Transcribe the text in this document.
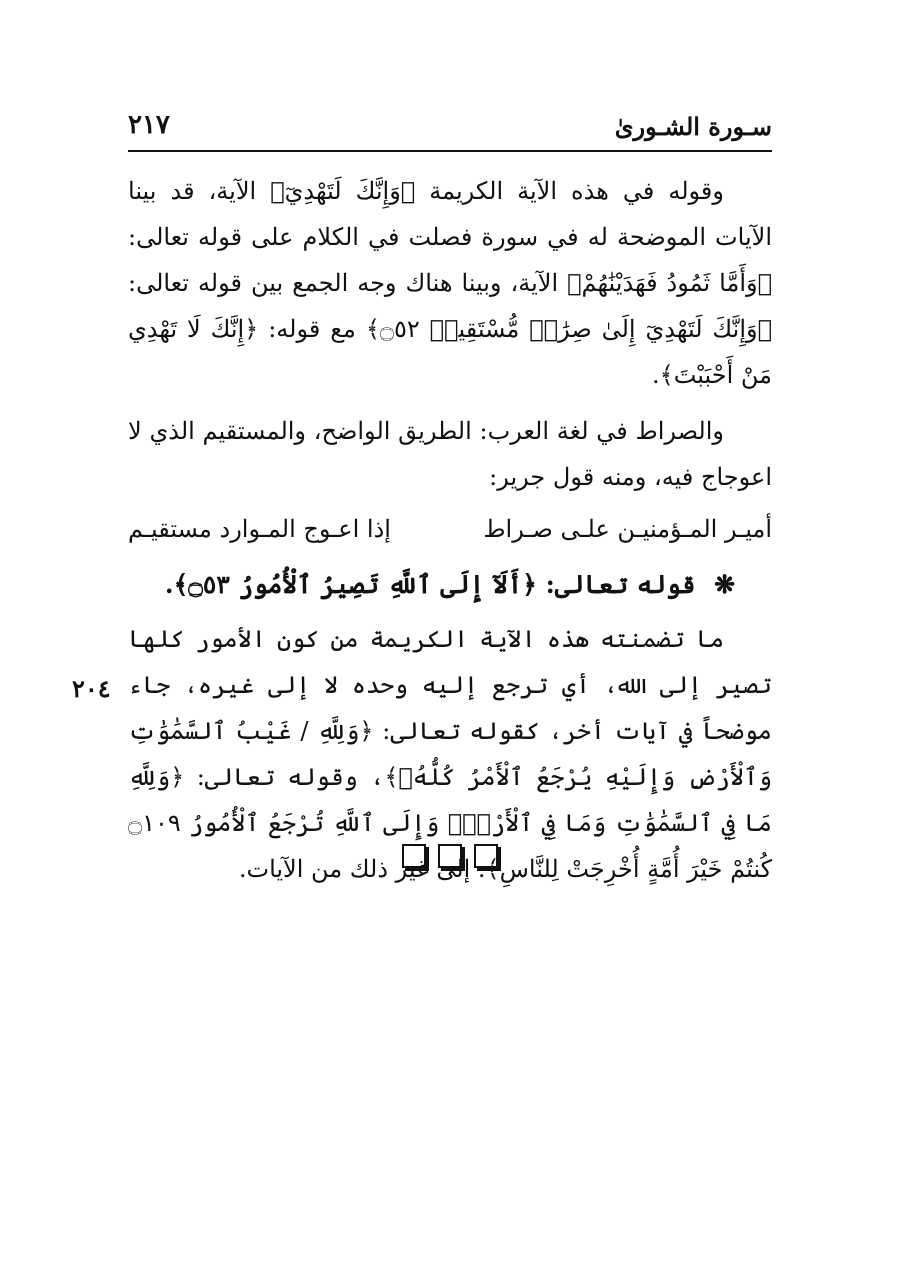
سـورة الشـورىٰ
٢١٧

وقوله في هذه الآية الكريمة ﴿وَإِنَّكَ لَتَهْدِيٓ﴾ الآية، قد بينا الآيات الموضحة له في سورة فصلت في الكلام على قوله تعالى: ﴿وَأَمَّا ثَمُودُ فَهَدَيْنَٰهُمْ﴾ الآية، وبينا هناك وجه الجمع بين قوله تعالى: ﴿وَإِنَّكَ لَتَهْدِيٓ إِلَىٰ صِرَٰطٖ مُّسْتَقِيمٖ ۝٥٢﴾ مع قوله: ﴿إِنَّكَ لَا تَهْدِي مَنْ أَحْبَبْتَ﴾.

والصراط في لغة العرب: الطريق الواضح، والمستقيم الذي لا اعوجاج فيه، ومنه قول جرير:

أميـر المـؤمنيـن علـى صـراط
إذا اعـوج المـوارد مستقيـم
❋ قوله تعالى: ﴿أَلَآ إِلَى ٱللَّهِ تَصِيرُ ٱلْأُمُورُ ۝٥٣﴾.

ما تضمنته هذه الآية الكريمة من كون الأمور كلها تصير إلى الله، أي ترجع إليه وحده لا إلى غيره، جاء موضحاً في آيات أخر، كقوله تعالى: ﴿وَلِلَّهِ / غَيْبُ ٱلسَّمَٰوَٰتِ وَٱلْأَرْضِ وَإِلَيْهِ يُرْجَعُ ٱلْأَمْرُ كُلُّهُۥ﴾، وقوله تعالى: ﴿وَلِلَّهِ مَا فِي ٱلسَّمَٰوَٰتِ وَمَا فِي ٱلْأَرْضِۚ وَإِلَى ٱللَّهِ تُرْجَعُ ٱلْأُمُورُ ۝١٠٩ كُنتُمْ خَيْرَ أُمَّةٍ أُخْرِجَتْ لِلنَّاسِ﴾. إلى غير ذلك من الآيات.

٢٠٤
